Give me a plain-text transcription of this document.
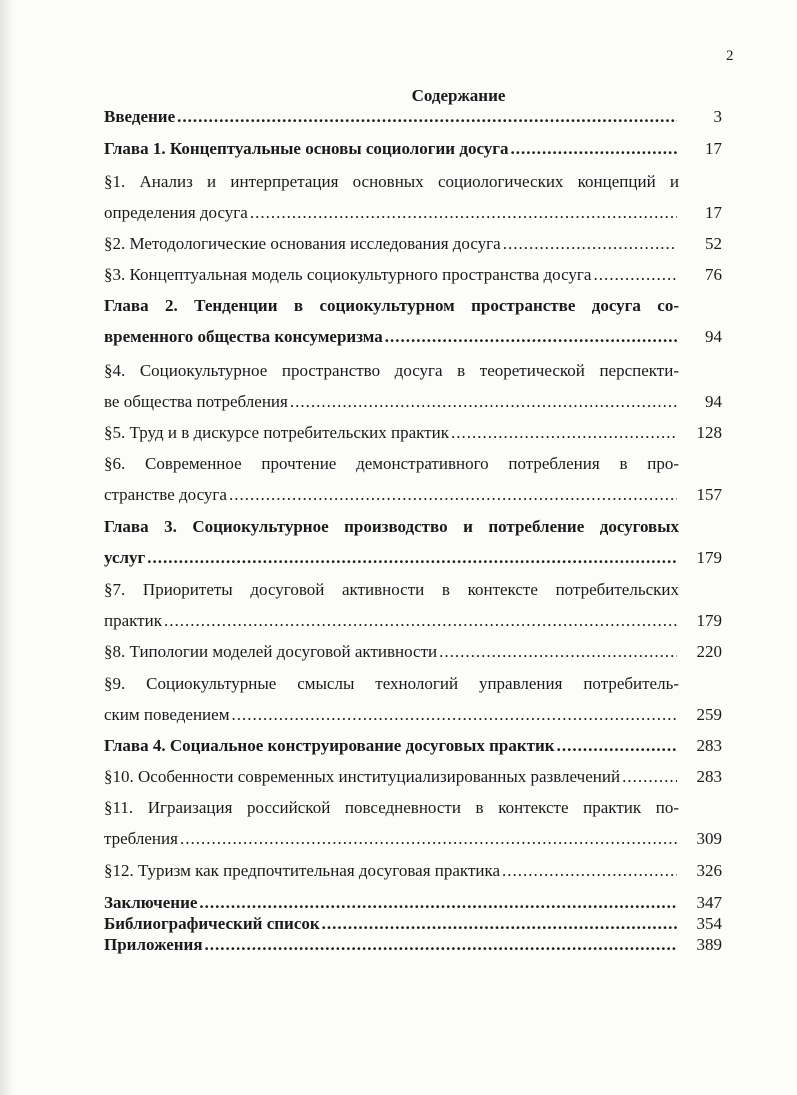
2
Содержание
Введение .....	3
Глава 1. Концептуальные основы социологии досуга .....	17
§1. Анализ и интерпретация основных социологических концепций и
определения досуга .....	17
§2. Методологические основания исследования досуга .....	52
§3. Концептуальная модель социокультурного пространства досуга .....	76
Глава 2. Тенденции в социокультурном пространстве досуга со-
временного общества консумеризма .....	94
§4. Социокультурное пространство досуга в теоретической перспекти-
ве общества потребления .....	94
§5. Труд и в дискурсе потребительских практик .....	128
§6. Современное прочтение демонстративного потребления в про-
странстве досуга .....	157
Глава 3. Социокультурное производство и потребление досуговых
услуг .....	179
§7. Приоритеты досуговой активности в контексте потребительских
практик .....	179
§8. Типологии моделей досуговой активности .....	220
§9. Социокультурные смыслы технологий управления потребитель-
ским поведением .....	259
Глава 4. Социальное конструирование досуговых практик .....	283
§10. Особенности современных институциализированных развлечений .....	283
§11. Играизация российской повседневности в контексте практик по-
требления .....	309
§12. Туризм как предпочтительная досуговая практика .....	326
Заключение .....	347
Библиографический список .....	354
Приложения .....	389
